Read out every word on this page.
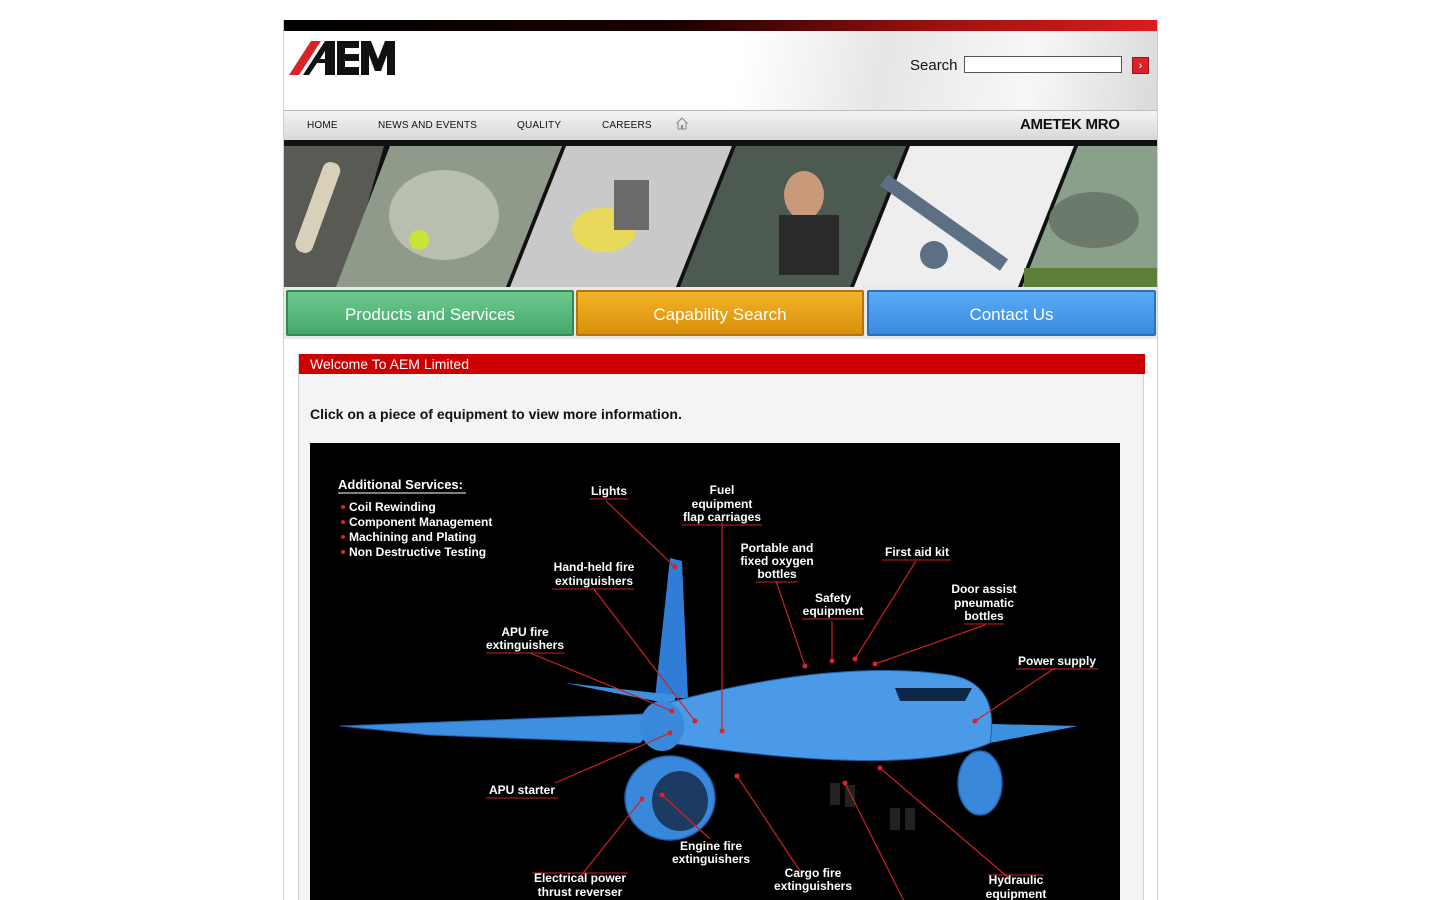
Search	›
HOME	NEWS AND EVENTS	QUALITY	CAREERS	AMETEK MRO
Products and Services	Capability Search	Contact Us
Welcome To AEM Limited
Click on a piece of equipment to view more information.
Additional Services:
Coil Rewinding
Component Management
Machining and Plating
Non Destructive Testing
Lights	Fuel
equipment
flap carriages
Hand-held fire
extinguishers
Portable and
fixed oxygen
bottles
First aid kit
Safety
equipment
Door assist
pneumatic
bottles
APU fire
extinguishers
Power supply
APU starter
Engine fire
extinguishers
Cargo fire
extinguishers
Electrical power
thrust reverser
Hydraulic
equipment
